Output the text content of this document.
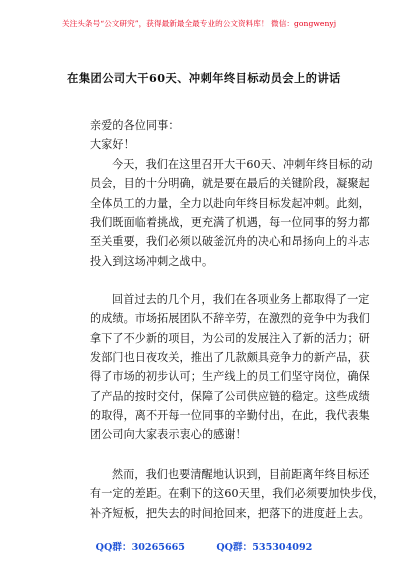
关注头条号“公文研究”，获得最新最全最专业的公文资料库！ 微信：gongwenyj
在集团公司大干60天、冲刺年终目标动员会上的讲话
亲爱的各位同事：
大家好！
今天，我们在这里召开大干60天、冲刺年终目标的动
员会，目的十分明确，就是要在最后的关键阶段，凝聚起
全体员工的力量，全力以赴向年终目标发起冲刺。此刻，
我们既面临着挑战，更充满了机遇，每一位同事的努力都
至关重要，我们必须以破釜沉舟的决心和昂扬向上的斗志
投入到这场冲刺之战中。
回首过去的几个月，我们在各项业务上都取得了一定
的成绩。市场拓展团队不辞辛劳，在激烈的竞争中为我们
拿下了不少新的项目，为公司的发展注入了新的活力；研
发部门也日夜攻关，推出了几款颇具竞争力的新产品，获
得了市场的初步认可；生产线上的员工们坚守岗位，确保
了产品的按时交付，保障了公司供应链的稳定。这些成绩
的取得，离不开每一位同事的辛勤付出，在此，我代表集
团公司向大家表示衷心的感谢！
然而，我们也要清醒地认识到，目前距离年终目标还
有一定的差距。在剩下的这60天里，我们必须要加快步伐，
补齐短板，把失去的时间抢回来，把落下的进度赶上去。
QQ群：30265665	QQ群：535304092
